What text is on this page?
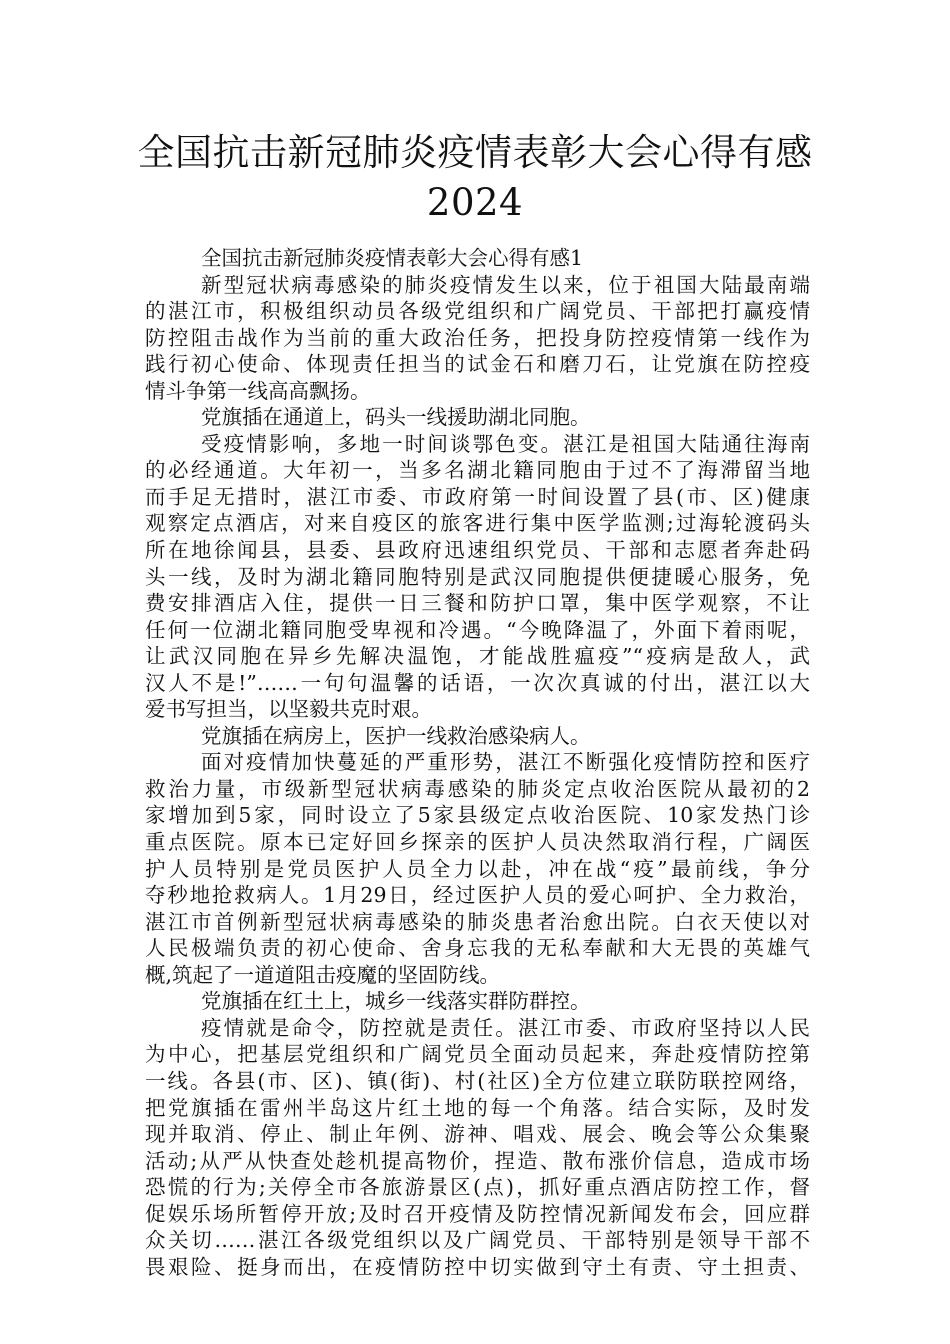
全国抗击新冠肺炎疫情表彰大会心得有感
2024
全国抗击新冠肺炎疫情表彰大会心得有感1
新型冠状病毒感染的肺炎疫情发生以来，位于祖国大陆最南端
的湛江市，积极组织动员各级党组织和广阔党员、干部把打赢疫情
防控阻击战作为当前的重大政治任务，把投身防控疫情第一线作为
践行初心使命、体现责任担当的试金石和磨刀石，让党旗在防控疫
情斗争第一线高高飘扬。
党旗插在通道上，码头一线援助湖北同胞。
受疫情影响，多地一时间谈鄂色变。湛江是祖国大陆通往海南
的必经通道。大年初一，当多名湖北籍同胞由于过不了海滞留当地
而手足无措时，湛江市委、市政府第一时间设置了县(市、区)健康
观察定点酒店，对来自疫区的旅客进行集中医学监测;过海轮渡码头
所在地徐闻县，县委、县政府迅速组织党员、干部和志愿者奔赴码
头一线，及时为湖北籍同胞特别是武汉同胞提供便捷暖心服务，免
费安排酒店入住，提供一日三餐和防护口罩，集中医学观察，不让
任何一位湖北籍同胞受卑视和冷遇。“今晚降温了，外面下着雨呢，
让武汉同胞在异乡先解决温饱，才能战胜瘟疫”“疫病是敌人，武
汉人不是!”……一句句温馨的话语，一次次真诚的付出，湛江以大
爱书写担当，以坚毅共克时艰。
党旗插在病房上，医护一线救治感染病人。
面对疫情加快蔓延的严重形势，湛江不断强化疫情防控和医疗
救治力量，市级新型冠状病毒感染的肺炎定点收治医院从最初的2
家增加到5家，同时设立了5家县级定点收治医院、10家发热门诊
重点医院。原本已定好回乡探亲的医护人员决然取消行程，广阔医
护人员特别是党员医护人员全力以赴，冲在战“疫”最前线，争分
夺秒地抢救病人。1月29日，经过医护人员的爱心呵护、全力救治，
湛江市首例新型冠状病毒感染的肺炎患者治愈出院。白衣天使以对
人民极端负责的初心使命、舍身忘我的无私奉献和大无畏的英雄气
概,筑起了一道道阻击疫魔的坚固防线。
党旗插在红土上，城乡一线落实群防群控。
疫情就是命令，防控就是责任。湛江市委、市政府坚持以人民
为中心，把基层党组织和广阔党员全面动员起来，奔赴疫情防控第
一线。各县(市、区)、镇(街)、村(社区)全方位建立联防联控网络，
把党旗插在雷州半岛这片红土地的每一个角落。结合实际，及时发
现并取消、停止、制止年例、游神、唱戏、展会、晚会等公众集聚
活动;从严从快查处趁机提高物价，捏造、散布涨价信息，造成市场
恐慌的行为;关停全市各旅游景区(点)，抓好重点酒店防控工作，督
促娱乐场所暂停开放;及时召开疫情及防控情况新闻发布会，回应群
众关切……湛江各级党组织以及广阔党员、干部特别是领导干部不
畏艰险、挺身而出，在疫情防控中切实做到守土有责、守土担责、
